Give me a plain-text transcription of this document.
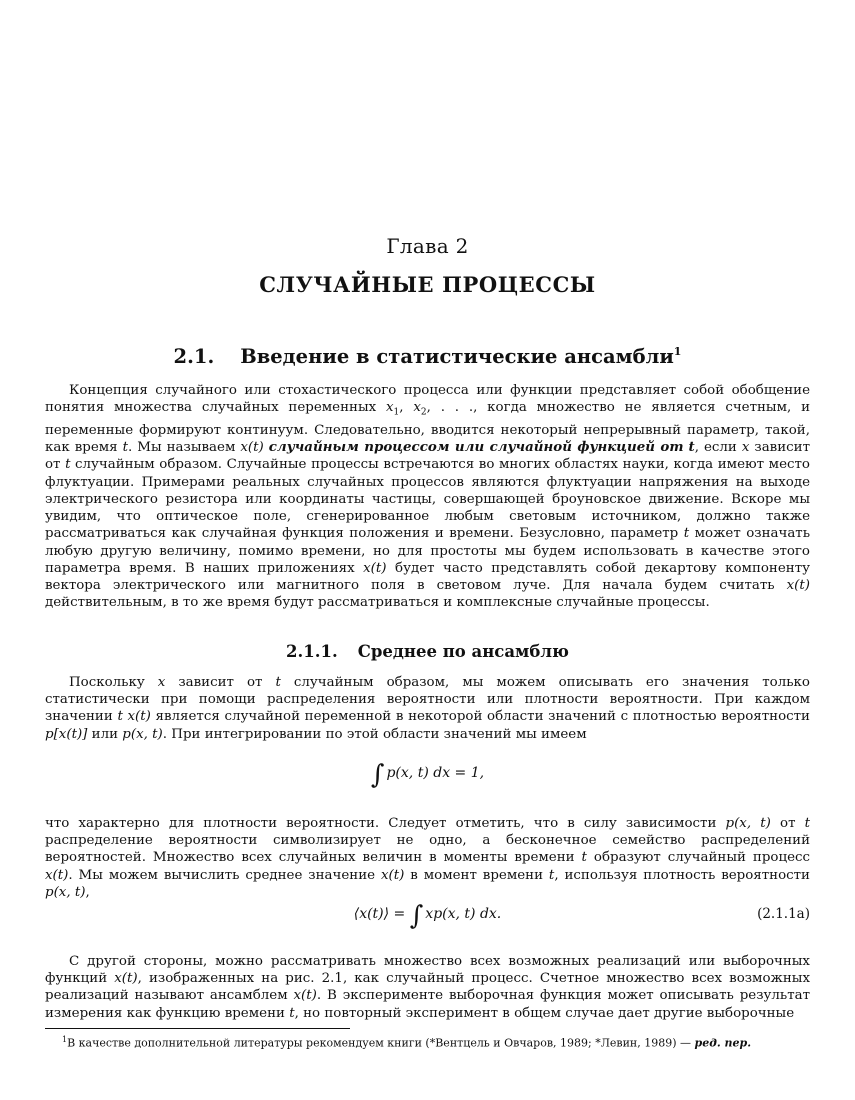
Глава 2
СЛУЧАЙНЫЕ ПРОЦЕССЫ
2.1. Введение в статистические ансамбли$^1$

Концепция случайного или стохастического процесса или функции представляет собой обобщение понятия множества случайных переменных $x_1$, $x_2$, . . ., когда множество не является счетным, и переменные формируют континуум. Следовательно, вводится некоторый непрерывный параметр, такой, как время t. Мы называем x(t) случайным процессом или случайной функцией от t, если x зависит от t случайным образом. Случайные процессы встречаются во многих областях науки, когда имеют место флуктуации. Примерами реальных случайных процессов являются флуктуации напряжения на выходе электрического резистора или координаты частицы, совершающей броуновское движение. Вскоре мы увидим, что оптическое поле, сгенерированное любым световым источником, должно также рассматриваться как случайная функция положения и времени. Безусловно, параметр t может означать любую другую величину, помимо времени, но для простоты мы будем использовать в качестве этого параметра время. В наших приложениях x(t) будет часто представлять собой декартову компоненту вектора электрического или магнитного поля в световом луче. Для начала будем считать x(t) действительным, в то же время будут рассматриваться и комплексные случайные процессы.

2.1.1. Среднее по ансамблю

Поскольку x зависит от t случайным образом, мы можем описывать его значения только статистически при помощи распределения вероятности или плотности вероятности. При каждом значении t x(t) является случайной переменной в некоторой области значений с плотностью вероятности p[x(t)] или p(x, t). При интегрировании по этой области значений мы имеем

∫ p(x, t) dx = 1,

что характерно для плотности вероятности. Следует отметить, что в силу зависимости p(x, t) от t распределение вероятности символизирует не одно, а бесконечное семейство распределений вероятностей. Множество всех случайных величин в моменты времени t образуют случайный процесс x(t). Мы можем вычислить среднее значение x(t) в момент времени t, используя плотность вероятности p(x, t),

⟨x(t)⟩ = ∫ xp(x, t) dx.	(2.1.1a)

С другой стороны, можно рассматривать множество всех возможных реализаций или выборочных функций x(t), изображенных на рис. 2.1, как случайный процесс. Счетное множество всех возможных реализаций называют ансамблем x(t). В эксперименте выборочная функция может описывать результат измерения как функцию времени t, но повторный эксперимент в общем случае дает другие выборочные

$^1$В качестве дополнительной литературы рекомендуем книги (*Вентцель и Овчаров, 1989; *Левин, 1989) — ред. пер.
